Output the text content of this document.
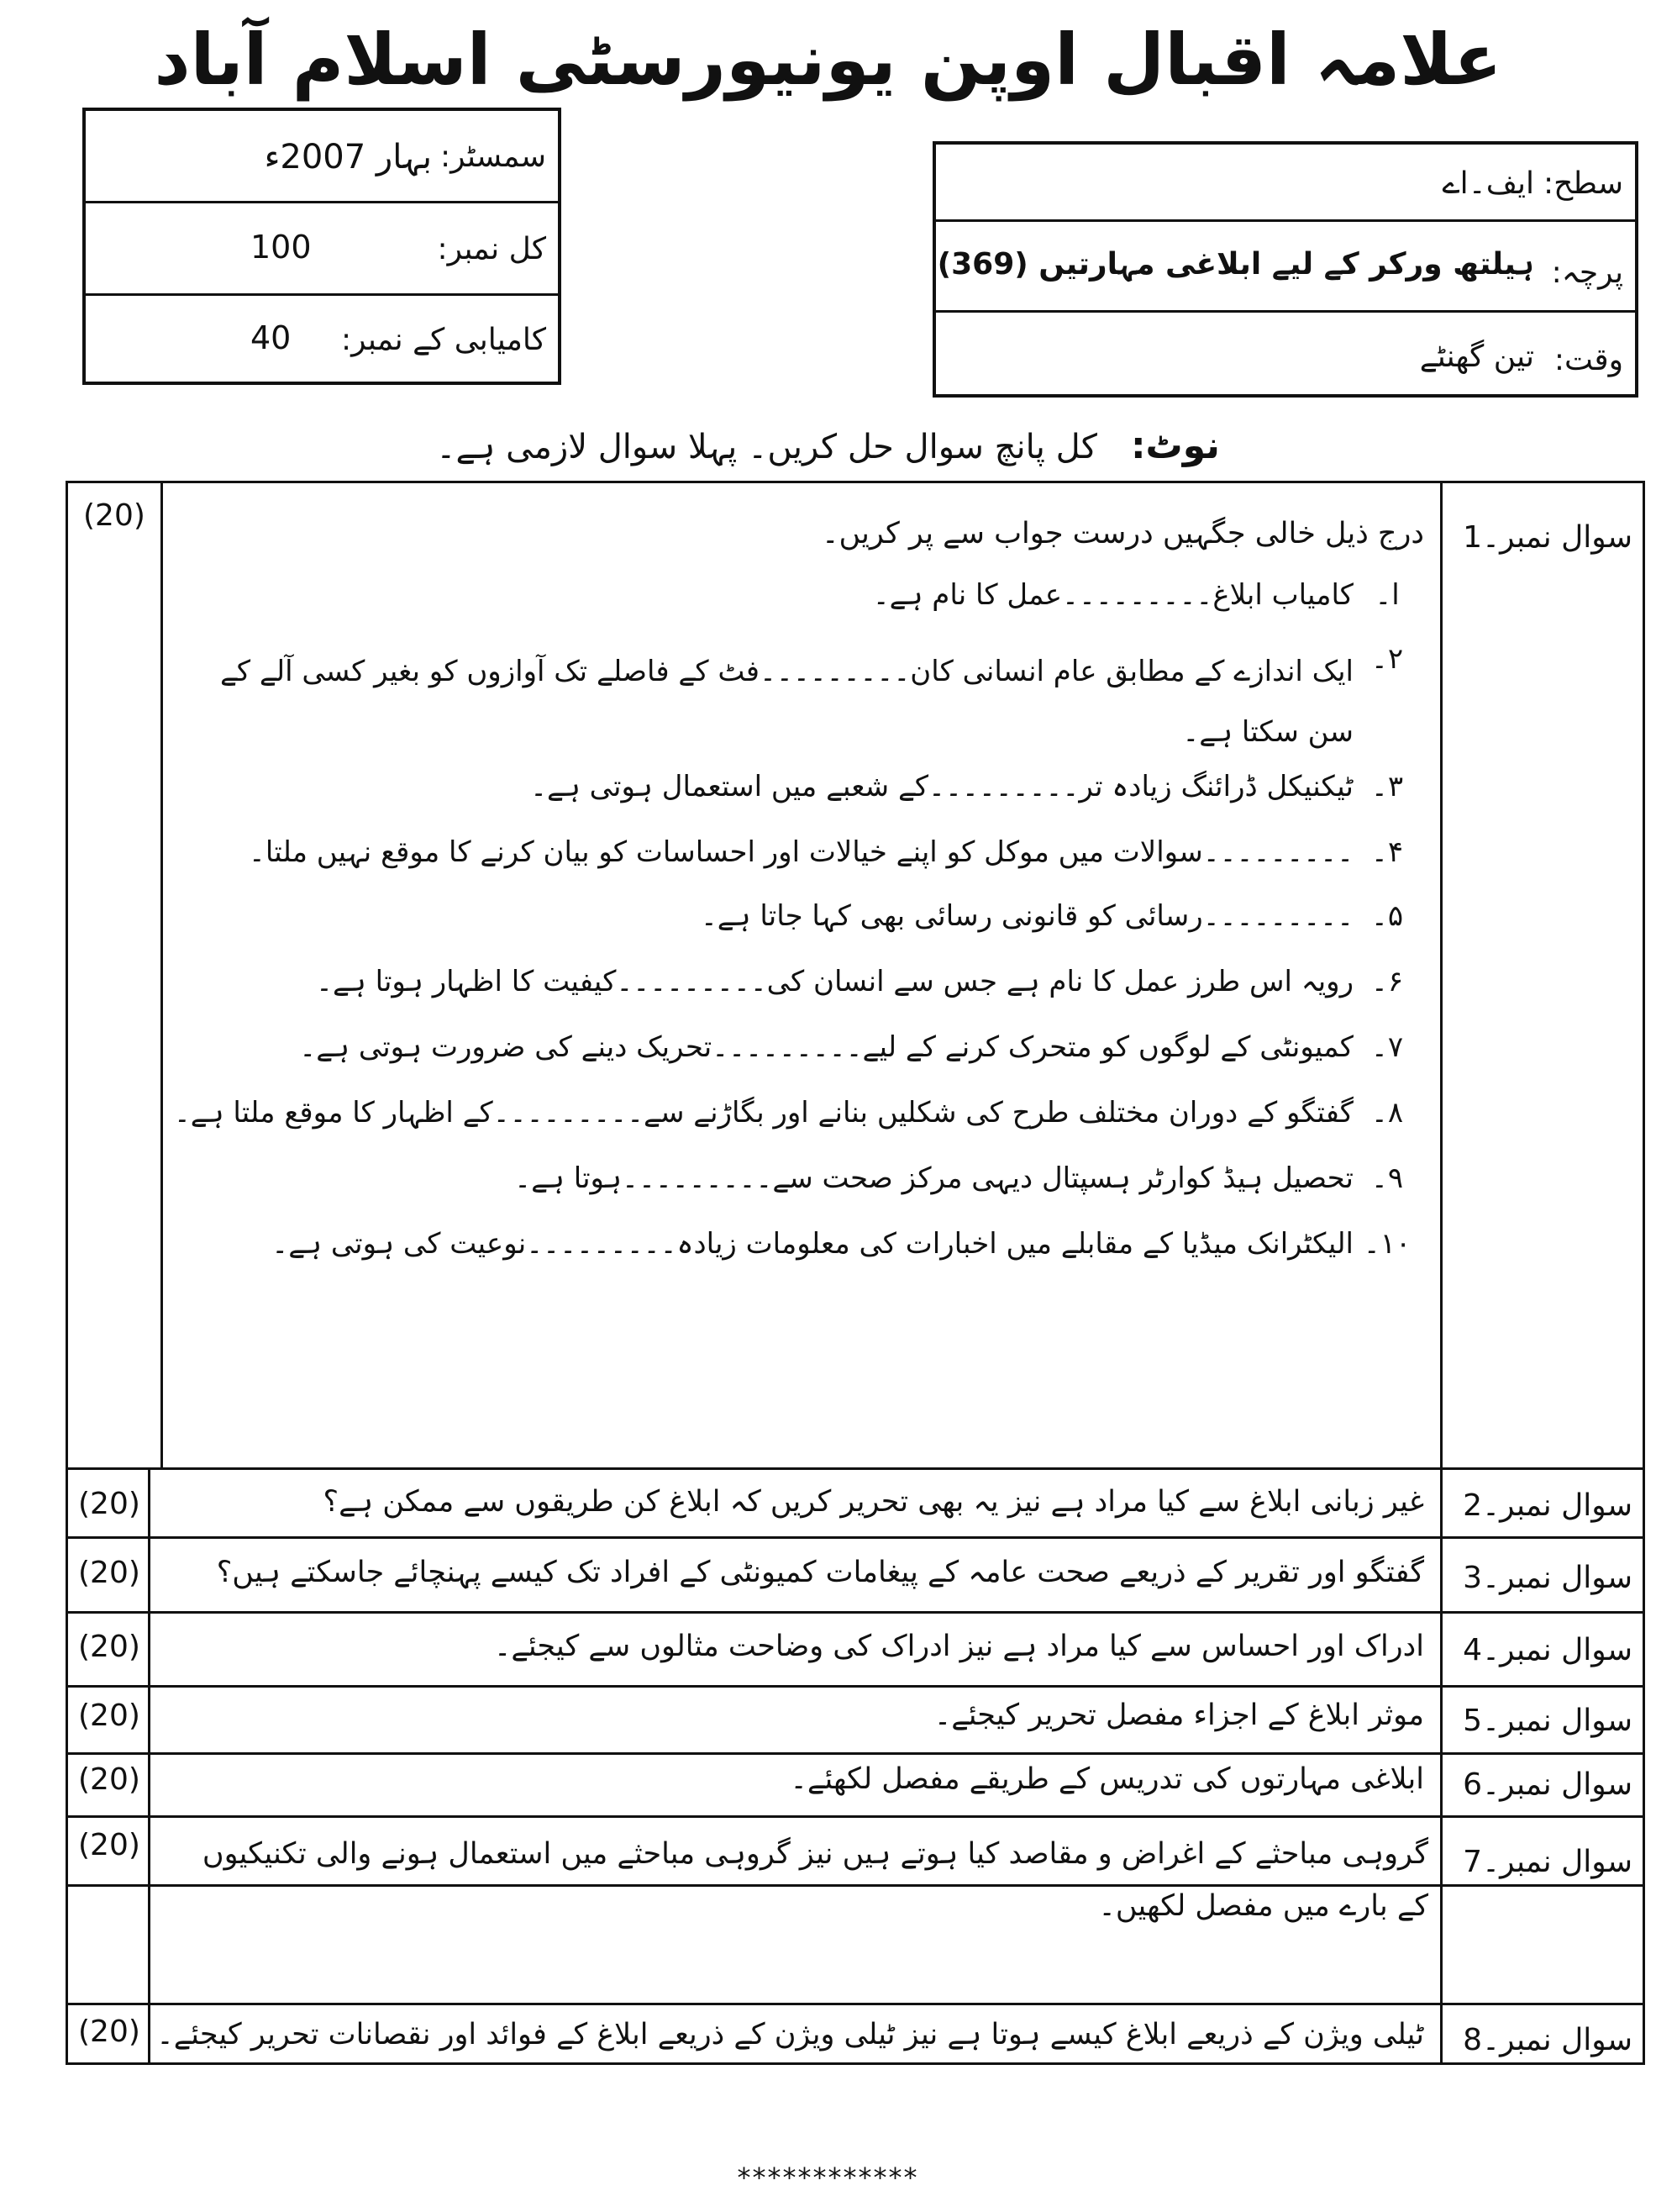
علامہ اقبال اوپن یونیورسٹی اسلام آباد
سمسٹر:
بہار 2007ء
کل نمبر:
100
کامیابی کے نمبر:
40
سطح:
ایف۔اے
پرچہ:
ہیلتھ ورکر کے لیے ابلاغی مہارتیں (369)
وقت:
تین گھنٹے
نوٹ:کل پانچ سوال حل کریں۔ پہلا سوال لازمی ہے۔
سوال نمبر۔1
(20)
درج ذیل خالی جگہیں درست جواب سے پر کریں۔
ا۔
کامیاب ابلاغ۔۔۔۔۔۔۔۔۔عمل کا نام ہے۔
۲۔
ایک اندازے کے مطابق عام انسانی کان۔۔۔۔۔۔۔۔۔فٹ کے فاصلے تک آوازوں کو بغیر کسی آلے کے سن سکتا ہے۔
۳۔
ٹیکنیکل ڈرائنگ زیادہ تر۔۔۔۔۔۔۔۔۔کے شعبے میں استعمال ہوتی ہے۔
۴۔
۔۔۔۔۔۔۔۔۔سوالات میں موکل کو اپنے خیالات اور احساسات کو بیان کرنے کا موقع نہیں ملتا۔
۵۔
۔۔۔۔۔۔۔۔۔رسائی کو قانونی رسائی بھی کہا جاتا ہے۔
۶۔
رویہ اس طرز عمل کا نام ہے جس سے انسان کی۔۔۔۔۔۔۔۔۔کیفیت کا اظہار ہوتا ہے۔
۷۔
کمیونٹی کے لوگوں کو متحرک کرنے کے لیے۔۔۔۔۔۔۔۔۔تحریک دینے کی ضرورت ہوتی ہے۔
۸۔
گفتگو کے دوران مختلف طرح کی شکلیں بنانے اور بگاڑنے سے۔۔۔۔۔۔۔۔۔کے اظہار کا موقع ملتا ہے۔
۹۔
تحصیل ہیڈ کوارٹر ہسپتال دیہی مرکز صحت سے۔۔۔۔۔۔۔۔۔ہوتا ہے۔
۱۰۔
الیکٹرانک میڈیا کے مقابلے میں اخبارات کی معلومات زیادہ۔۔۔۔۔۔۔۔۔نوعیت کی ہوتی ہے۔
سوال نمبر۔2
(20)	غیر زبانی ابلاغ سے کیا مراد ہے نیز یہ بھی تحریر کریں کہ ابلاغ کن طریقوں سے ممکن ہے؟
سوال نمبر۔3
(20)	گفتگو اور تقریر کے ذریعے صحت عامہ کے پیغامات کمیونٹی کے افراد تک کیسے پہنچائے جاسکتے ہیں؟
سوال نمبر۔4
(20)	ادراک اور احساس سے کیا مراد ہے نیز ادراک کی وضاحت مثالوں سے کیجئے۔
سوال نمبر۔5
(20)	موثر ابلاغ کے اجزاء مفصل تحریر کیجئے۔
سوال نمبر۔6
(20)	ابلاغی مہارتوں کی تدریس کے طریقے مفصل لکھئے۔
سوال نمبر۔7
(20)	گروہی مباحثے کے اغراض و مقاصد کیا ہوتے ہیں نیز گروہی مباحثے میں استعمال ہونے والی تکنیکیوں کے بارے میں مفصل لکھیں۔
سوال نمبر۔8
(20) ٹیلی ویژن کے ذریعے ابلاغ کیسے ہوتا ہے نیز ٹیلی ویژن کے ذریعے ابلاغ کے فوائد اور نقصانات تحریر کیجئے۔
************
